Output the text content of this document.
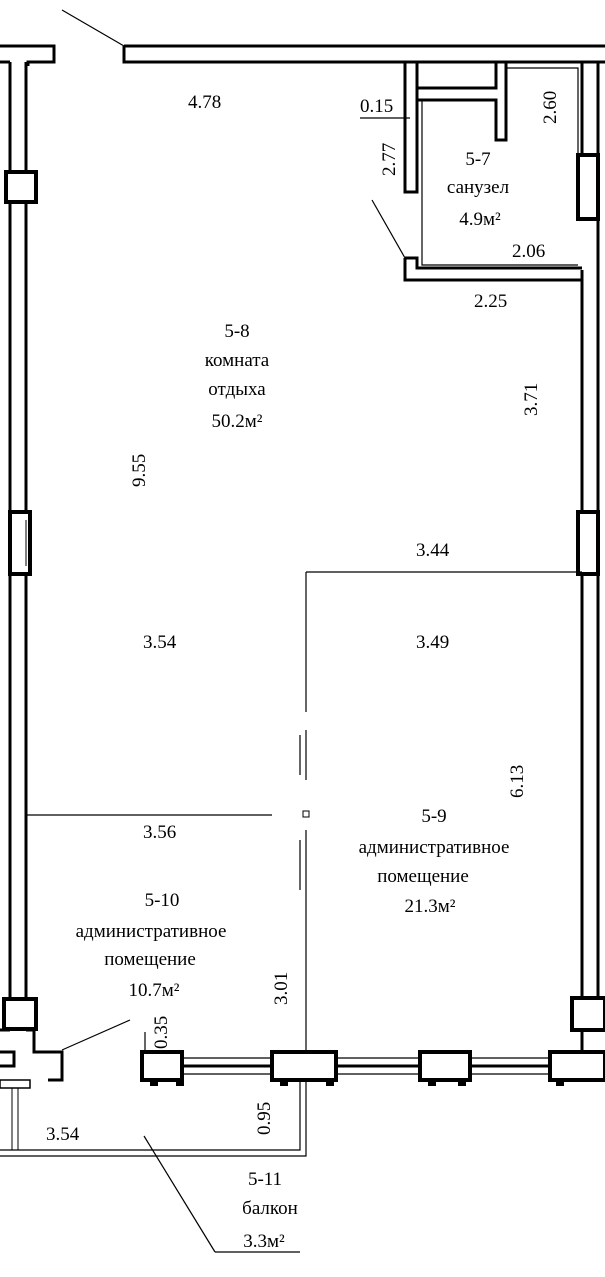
5-7
санузел
4.9м²
5-8
комната
отдыха
50.2м²
5-9
административное
помещение
21.3м²
5-10
административное
помещение
10.7м²
5-11
балкон
3.3м²
4.78	0.15
2.06
2.25
3.44
3.54	3.49
3.56
3.54
2.77
2.60
9.55
3.71
6.13
3.01
0.35
0.95
